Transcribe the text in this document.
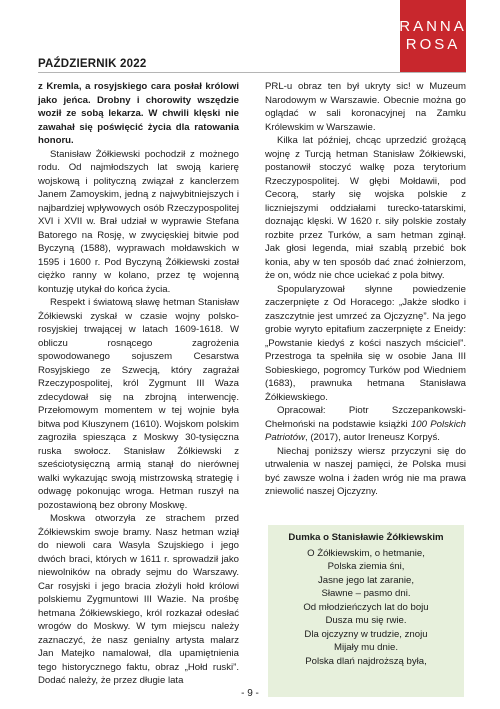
PAŹDZIERNIK 2022
RANNA
ROSA

z Kremla, a rosyjskiego cara posłał królowi jako jeńca. Drobny i chorowity wszędzie woził ze sobą lekarza. W chwili klęski nie zawahał się poświęcić życia dla ratowania honoru.

Stanisław Żółkiewski pochodził z możnego rodu. Od najmłodszych lat swoją karierę wojskową i polityczną związał z kanclerzem Janem Zamoyskim, jedną z najwybitniejszych i najbardziej wpływowych osób Rzeczypospolitej XVI i XVII w. Brał udział w wyprawie Stefana Batorego na Rosję, w zwycięskiej bitwie pod Byczyną (1588), wyprawach mołdawskich w 1595 i 1600 r. Pod Byczyną Żółkiewski został ciężko ranny w kolano, przez tę wojenną kontuzję utykał do końca życia.

Respekt i światową sławę hetman Stanisław Żółkiewski zyskał w czasie wojny polsko-rosyjskiej trwającej w latach 1609-1618. W obliczu rosnącego zagrożenia spowodowanego sojuszem Cesarstwa Rosyjskiego ze Szwecją, który zagrażał Rzeczypospolitej, król Zygmunt III Waza zdecydował się na zbrojną interwencję. Przełomowym momentem w tej wojnie była bitwa pod Kłuszynem (1610). Wojskom polskim zagroziła spiesząca z Moskwy 30-tysięczna ruska swołocz. Stanisław Żółkiewski z sześciotysięczną armią stanął do nierównej walki wykazując swoją mistrzowską strategię i odwagę pokonując wroga. Hetman ruszył na pozostawioną bez obrony Moskwę.

Moskwa otworzyła ze strachem przed Żółkiewskim swoje bramy. Nasz hetman wziął do niewoli cara Wasyla Szujskiego i jego dwóch braci, których w 1611 r. sprowadził jako niewolników na obrady sejmu do Warszawy. Car rosyjski i jego bracia złożyli hołd królowi polskiemu Zygmuntowi III Wazie. Na prośbę hetmana Żółkiewskiego, król rozkazał odesłać wrogów do Moskwy. W tym miejscu należy zaznaczyć, że nasz genialny artysta malarz Jan Matejko namalował, dla upamiętnienia tego historycznego faktu, obraz „Hołd ruski”. Dodać należy, że przez długie lata

PRL-u obraz ten był ukryty sic! w Muzeum Narodowym w Warszawie. Obecnie można go oglądać w sali koronacyjnej na Zamku Królewskim w Warszawie.

Kilka lat później, chcąc uprzedzić grożącą wojnę z Turcją hetman Stanisław Żółkiewski, postanowił stoczyć walkę poza terytorium Rzeczypospolitej. W głębi Mołdawii, pod Cecorą, starły się wojska polskie z liczniejszymi oddziałami turecko-tatarskimi, doznając klęski. W 1620 r. siły polskie zostały rozbite przez Turków, a sam hetman zginął. Jak głosi legenda, miał szablą przebić bok konia, aby w ten sposób dać znać żołnierzom, że on, wódz nie chce uciekać z pola bitwy.

Spopularyzował słynne powiedzenie zaczerpnięte z Od Horacego: „Jakże słodko i zaszczytnie jest umrzeć za Ojczyznę”. Na jego grobie wyryto epitafium zaczerpnięte z Eneidy: „Powstanie kiedyś z kości naszych mściciel”. Przestroga ta spełniła się w osobie Jana III Sobieskiego, pogromcy Turków pod Wiedniem (1683), prawnuka hetmana Stanisława Żółkiewskiego.

Opracował: Piotr Szczepankowski-Chełmoński na podstawie książki 100 Polskich Patriotów, (2017), autor Ireneusz Korpyś.

Niechaj poniższy wiersz przyczyni się do utrwalenia w naszej pamięci, że Polska musi być zawsze wolna i żaden wróg nie ma prawa zniewolić naszej Ojczyzny.

Dumka o Stanisławie Żółkiewskim
O Żółkiewskim, o hetmanie,
Polska ziemia śni,
Jasne jego lat zaranie,
Sławne – pasmo dni.
Od młodzieńczych lat do boju
Dusza mu się rwie.
Dla ojczyzny w trudzie, znoju
Mijały mu dnie.
Polska dlań najdroższą była,
- 9 -
